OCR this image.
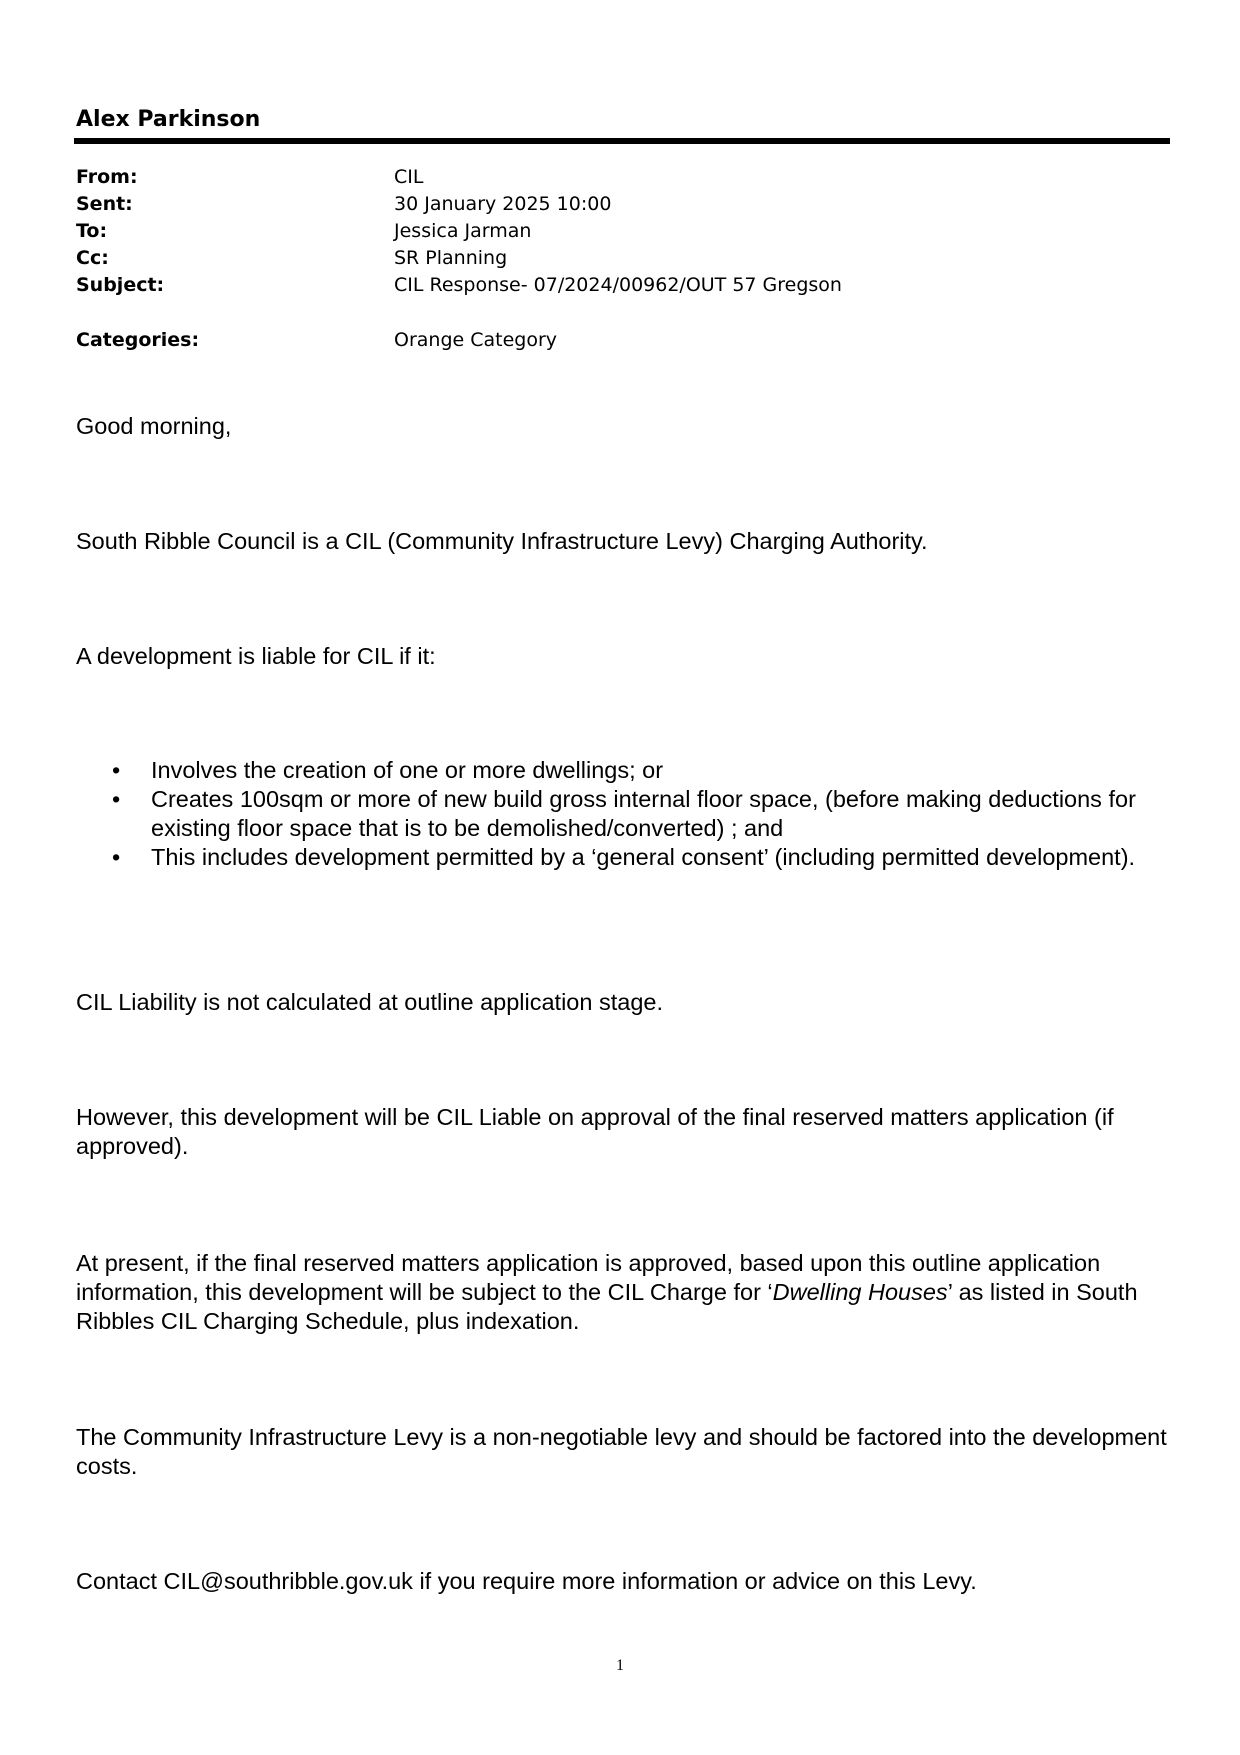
Alex Parkinson
From:	CIL
Sent:	30 January 2025 10:00
To:	Jessica Jarman
Cc:	SR Planning
Subject:	CIL Response- 07/2024/00962/OUT 57 Gregson
Categories:	Orange Category
Good morning,
South Ribble Council is a CIL (Community Infrastructure Levy) Charging Authority.
A development is liable for CIL if it:
• Involves the creation of one or more dwellings; or
• Creates 100sqm or more of new build gross internal floor space, (before making deductions for existing floor space that is to be demolished/converted) ; and
• This includes development permitted by a ‘general consent’ (including permitted development).
CIL Liability is not calculated at outline application stage.
However, this development will be CIL Liable on approval of the final reserved matters application (if approved).
At present, if the final reserved matters application is approved, based upon this outline application information, this development will be subject to the CIL Charge for ‘Dwelling Houses’ as listed in South Ribbles CIL Charging Schedule, plus indexation.
The Community Infrastructure Levy is a non-negotiable levy and should be factored into the development costs.
Contact CIL@southribble.gov.uk if you require more information or advice on this Levy.
1
